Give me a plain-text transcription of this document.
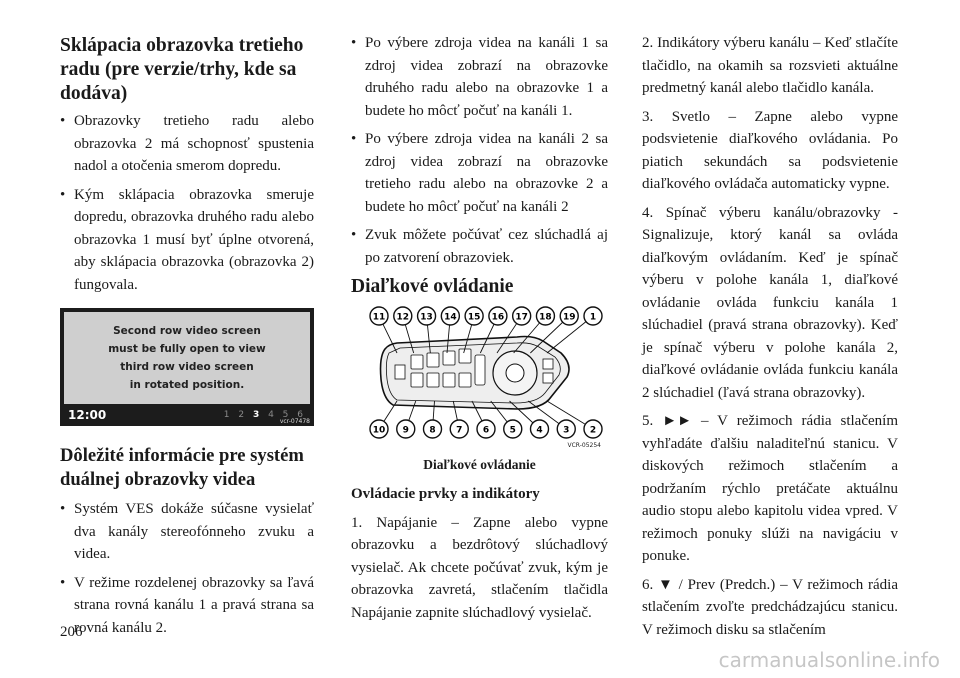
Sklápacia obrazovka tretieho radu (pre verzie/trhy, kde sa dodáva)
• Obrazovky tretieho radu alebo obrazovka 2 má schopnosť spustenia nadol a otočenia smerom dopredu.
• Kým sklápacia obrazovka smeruje dopredu, obrazovka druhého radu alebo obrazovka 1 musí byť úplne otvorená, aby sklápacia obrazovka (obrazovka 2) fungovala.
Second row video screen
must be fully open to view
third row video screen
in rotated position.
12:00	1 2 3 4 5 6
vcr-07478
Dôležité informácie pre systém duálnej obrazovky videa
• Systém VES dokáže súčasne vysielať dva kanály stereofónneho zvuku a videa.
• V režime rozdelenej obrazovky sa ľavá strana rovná kanálu 1 a pravá strana sa rovná kanálu 2.
• Po výbere zdroja videa na kanáli 1 sa zdroj videa zobrazí na obrazovke druhého radu alebo na obrazovke 1 a budete ho môcť počuť na kanáli 1.
• Po výbere zdroja videa na kanáli 2 sa zdroj videa zobrazí na obrazovke tretieho radu alebo na obrazovke 2 a budete ho môcť počuť na kanáli 2
• Zvuk môžete počúvať cez slúchadlá aj po zatvorení obrazoviek.
Diaľkové ovládanie
11 12 13 14 15 16 17 18 19 1
10 9 8 7 6 5 4 3 2
VCR-05254
Diaľkové ovládanie

Ovládacie prvky a indikátory

1. Napájanie – Zapne alebo vypne obrazovku a bezdrôtový slúchadlový vysielač. Ak chcete počúvať zvuk, kým je obrazovka zavretá, stlačením tlačidla Napájanie zapnite slúchadlový vysielač.

2. Indikátory výberu kanálu – Keď stlačíte tlačidlo, na okamih sa rozsvieti aktuálne predmetný kanál alebo tlačidlo kanála.

3. Svetlo – Zapne alebo vypne podsvietenie diaľkového ovládania. Po piatich sekundách sa podsvietenie diaľkového ovládača automaticky vypne.

4. Spínač výberu kanálu/obrazovky - Signalizuje, ktorý kanál sa ovláda diaľkovým ovládaním. Keď je spínač výberu v polohe kanála 1, diaľkové ovládanie ovláda funkciu kanála 1 slúchadiel (pravá strana obrazovky). Keď je spínač výberu v polohe kanála 2, diaľkové ovládanie ovláda funkciu kanála 2 slúchadiel (ľavá strana obrazovky).

5. ►► – V režimoch rádia stlačením vyhľadáte ďalšiu naladiteľnú stanicu. V diskových režimoch stlačením a podržaním rýchlo pretáčate aktuálnu audio stopu alebo kapitolu videa vpred. V režimoch ponuky slúži na navigáciu v ponuke.

6. ▼ / Prev (Predch.) – V režimoch rádia stlačením zvoľte predchádzajúcu stanicu. V režimoch disku sa stlačením

206
carmanualsonline.info
